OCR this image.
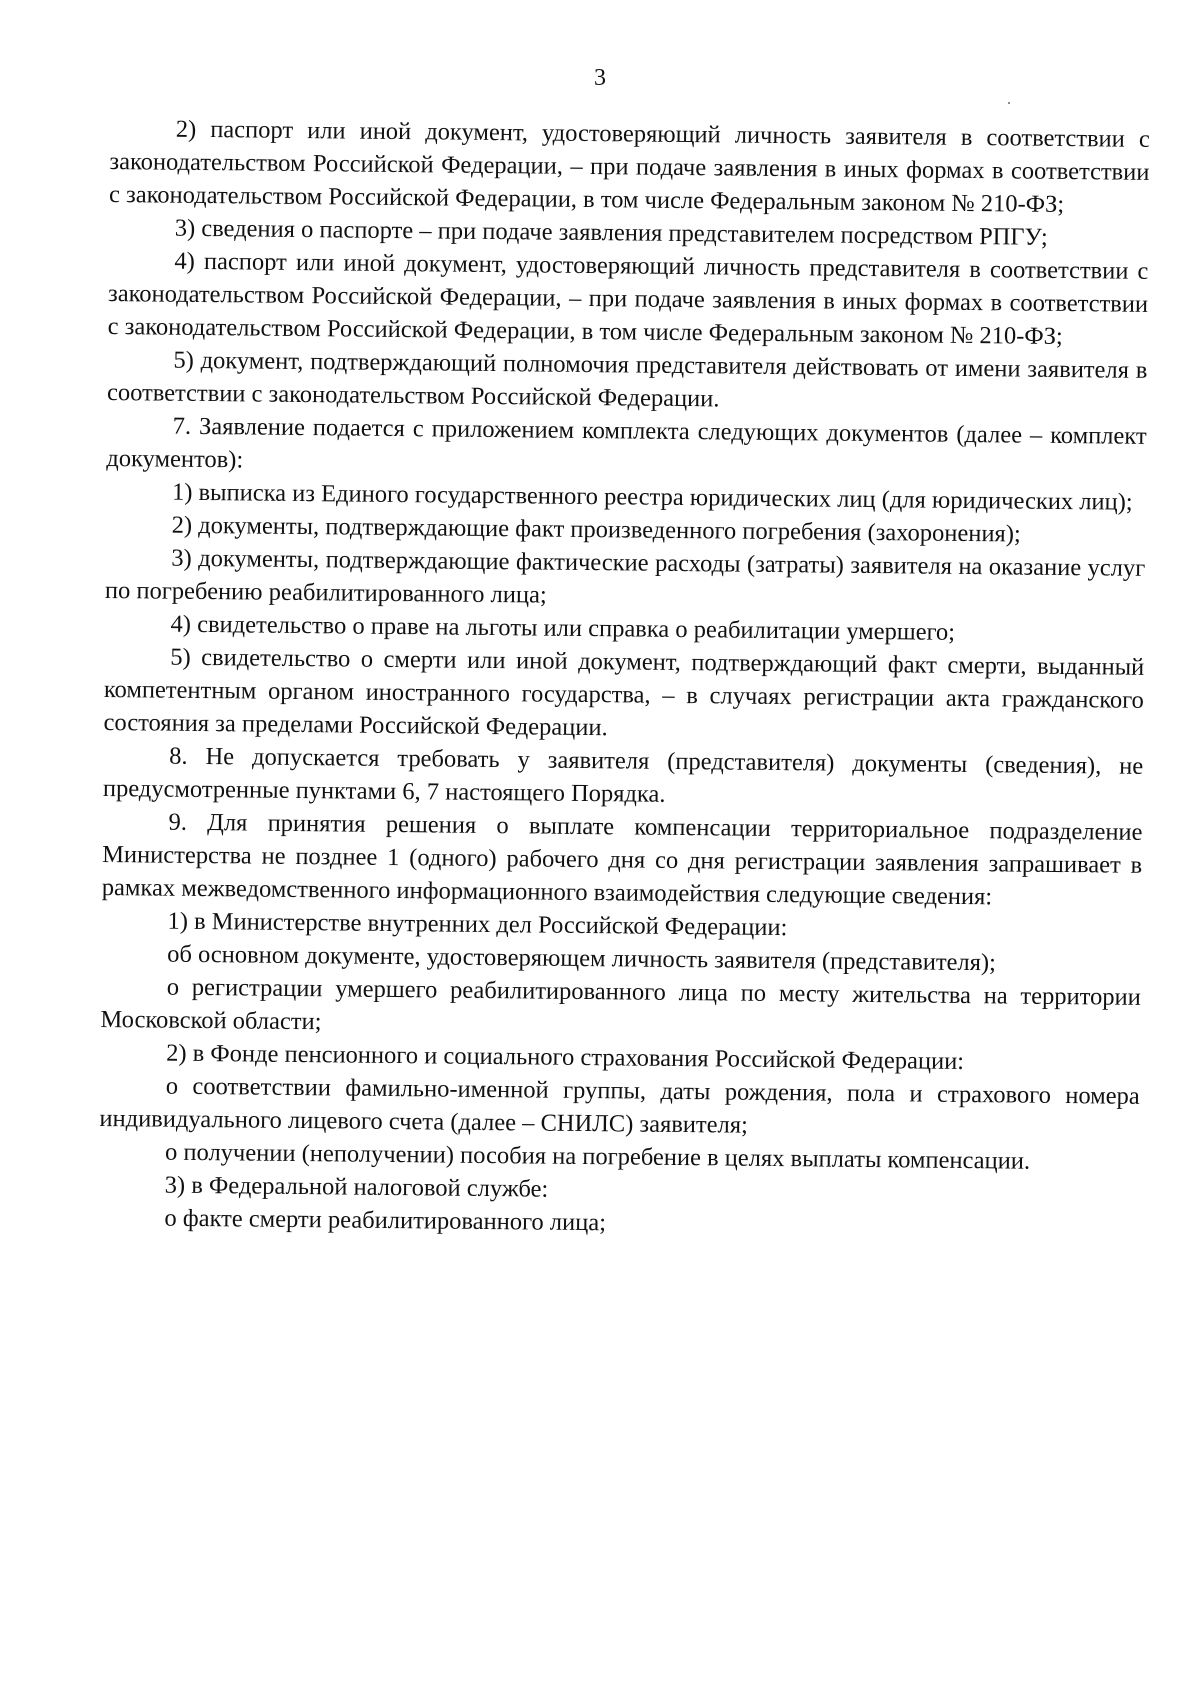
3

2) паспорт или иной документ, удостоверяющий личность заявителя в соответствии с законодательством Российской Федерации, – при подаче заявления в иных формах в соответствии с законодательством Российской Федерации, в том числе Федеральным законом № 210-ФЗ;

3) сведения о паспорте – при подаче заявления представителем посредством РПГУ;

4) паспорт или иной документ, удостоверяющий личность представителя в соответствии с законодательством Российской Федерации, – при подаче заявления в иных формах в соответствии с законодательством Российской Федерации, в том числе Федеральным законом № 210-ФЗ;

5) документ, подтверждающий полномочия представителя действовать от имени заявителя в соответствии с законодательством Российской Федерации.

7. Заявление подается с приложением комплекта следующих документов (далее – комплект документов):

1) выписка из Единого государственного реестра юридических лиц (для юридических лиц);

2) документы, подтверждающие факт произведенного погребения (захоронения);

3) документы, подтверждающие фактические расходы (затраты) заявителя на оказание услуг по погребению реабилитированного лица;

4) свидетельство о праве на льготы или справка о реабилитации умершего;

5) свидетельство о смерти или иной документ, подтверждающий факт смерти, выданный компетентным органом иностранного государства, – в случаях регистрации акта гражданского состояния за пределами Российской Федерации.

8. Не допускается требовать у заявителя (представителя) документы (сведения), не предусмотренные пунктами 6, 7 настоящего Порядка.

9. Для принятия решения о выплате компенсации территориальное подразделение Министерства не позднее 1 (одного) рабочего дня со дня регистрации заявления запрашивает в рамках межведомственного информационного взаимодействия следующие сведения:

1) в Министерстве внутренних дел Российской Федерации:

об основном документе, удостоверяющем личность заявителя (представителя);

о регистрации умершего реабилитированного лица по месту жительства на территории Московской области;

2) в Фонде пенсионного и социального страхования Российской Федерации:

о соответствии фамильно-именной группы, даты рождения, пола и страхового номера индивидуального лицевого счета (далее – СНИЛС) заявителя;

о получении (неполучении) пособия на погребение в целях выплаты компенсации.

3) в Федеральной налоговой службе:

о факте смерти реабилитированного лица;
